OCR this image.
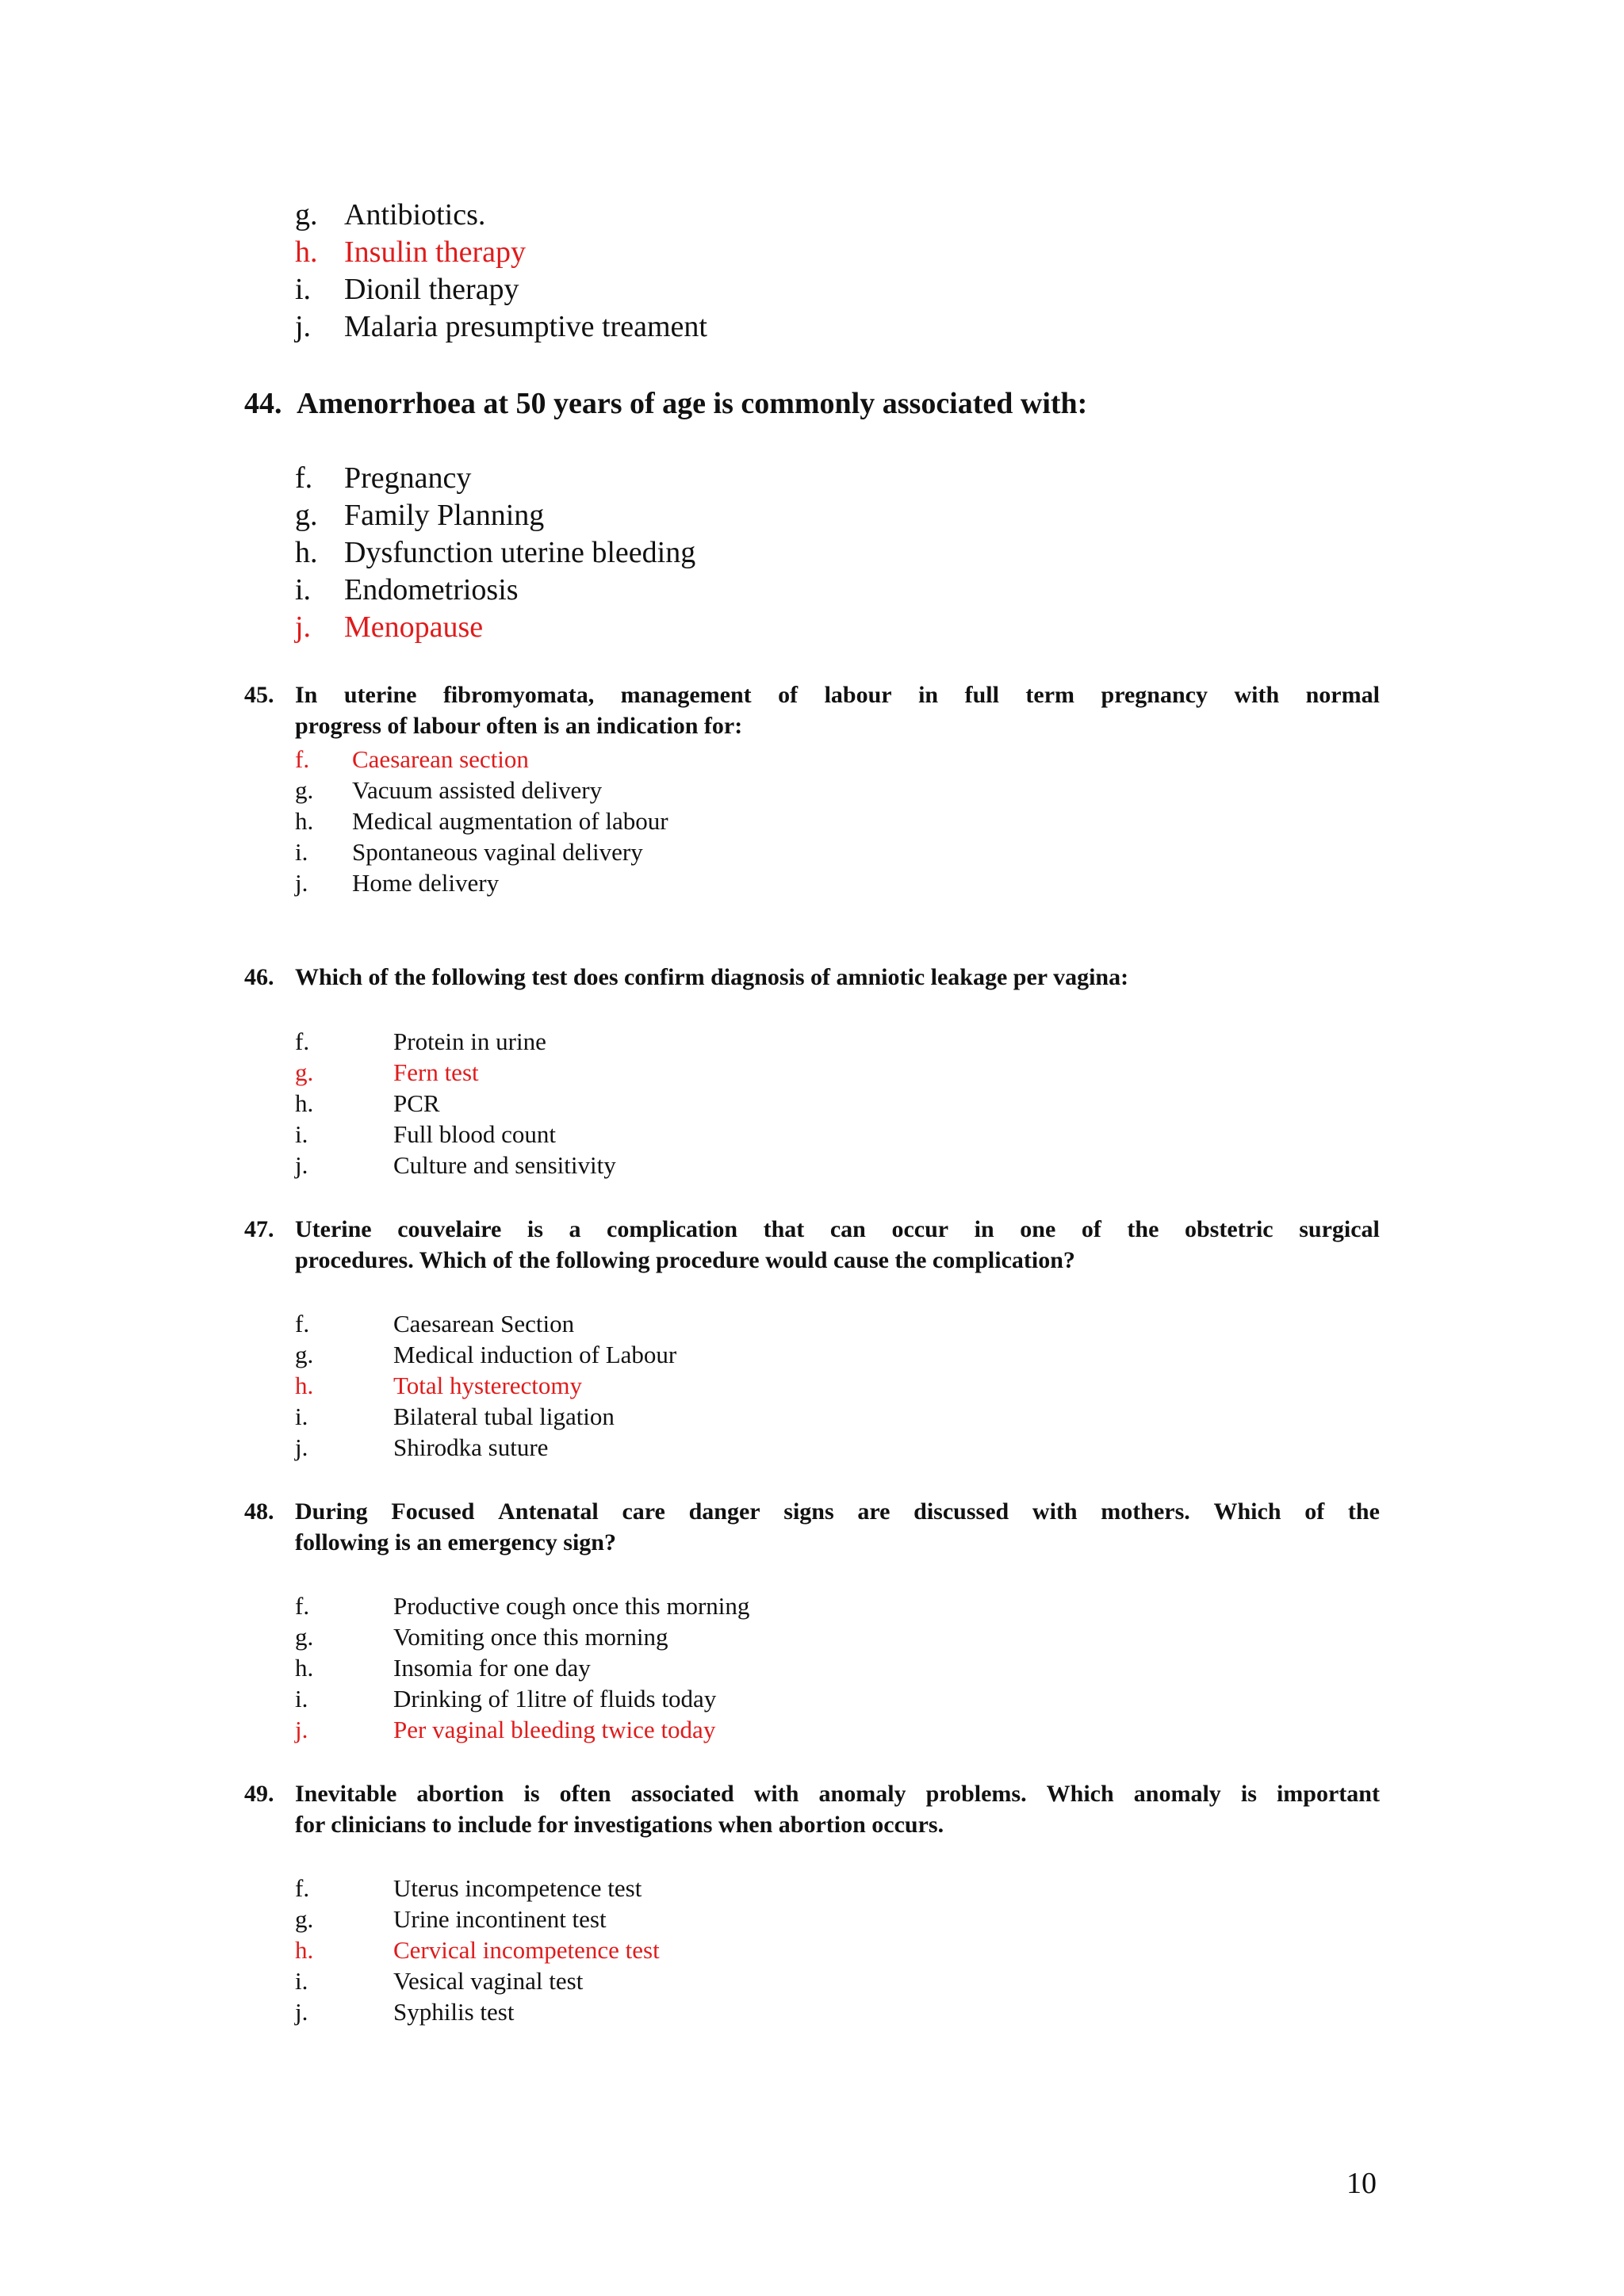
g. Antibiotics.
h. Insulin therapy
i. Dionil therapy
j. Malaria presumptive treament
44. Amenorrhoea at 50 years of age is commonly associated with:
f. Pregnancy
g. Family Planning
h. Dysfunction uterine bleeding
i. Endometriosis
j. Menopause
45. In uterine fibromyomata, management of labour in full term pregnancy with normal
progress of labour often is an indication for:
f. Caesarean section
g. Vacuum assisted delivery
h. Medical augmentation of labour
i. Spontaneous vaginal delivery
j. Home delivery
46. Which of the following test does confirm diagnosis of amniotic leakage per vagina:
f.	Protein in urine
g.	Fern test
h.	PCR
i.	Full blood count
j.	Culture and sensitivity
47. Uterine couvelaire is a complication that can occur in one of the obstetric surgical
procedures. Which of the following procedure would cause the complication?
f.	Caesarean Section
g.	Medical induction of Labour
h.	Total hysterectomy
i.	Bilateral tubal ligation
j.	Shirodka suture
48. During Focused Antenatal care danger signs are discussed with mothers. Which of the
following is an emergency sign?
f.	Productive cough once this morning
g.	Vomiting once this morning
h.	Insomia for one day
i.	Drinking of 1litre of fluids today
j.	Per vaginal bleeding twice today
49. Inevitable abortion is often associated with anomaly problems. Which anomaly is important
for clinicians to include for investigations when abortion occurs.
f.	Uterus incompetence test
g.	Urine incontinent test
h.	Cervical incompetence test
i.	Vesical vaginal test
j.	Syphilis test
10
